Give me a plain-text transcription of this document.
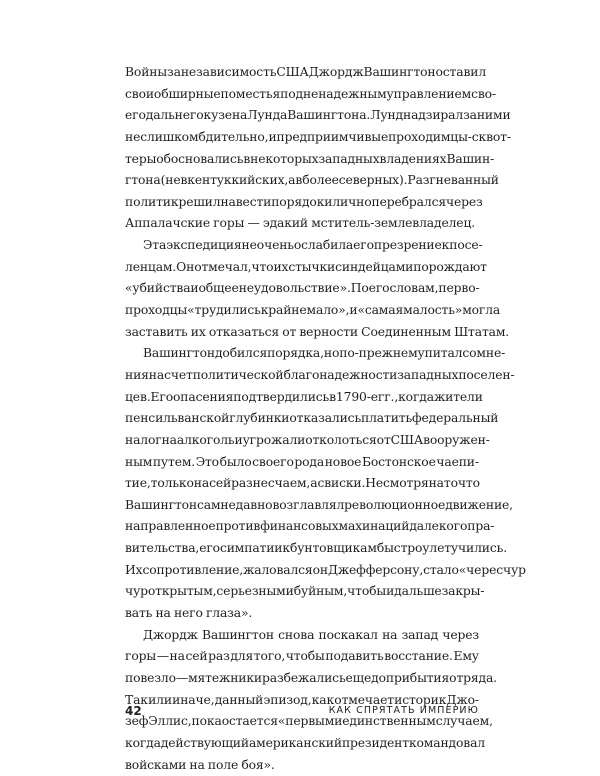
Войны за независимость США Джордж Вашингтон оставил
свои обширные поместья под ненадежным управлением сво-
его дальнего кузена Лунда Вашингтона. Лунд надзирал за ними
не слишком бдительно, и предприимчивые проходимцы-сквот-
теры обосновались в некоторых западных владениях Вашин-
гтона (не в кентуккийских, а в более северных). Разгневанный
политик решил навести порядок и лично перебрался через
Аппалачские горы — эдакий мститель-землевладелец.
Эта экспедиция не очень ослабила его презрение к посе-
ленцам. Он отмечал, что их стычки с индейцами порождают
«убийства и общее неудовольствие». По его словам, перво-
проходцы «трудились крайне мало», и «самая малость» могла
заставить их отказаться от верности Соединенным Штатам.
Вашингтон добился порядка, но по-прежнему питал сомне-
ния насчет политической благонадежности западных поселен-
цев. Его опасения подтвердились в 1790-е гг., когда жители
пенсильванской глубинки отказались платить федеральный
налог на алкоголь и угрожали отколоться от США вооружен-
ным путем. Это было своего рода новое Бостонское чаепи-
тие, только на сей раз не с чаем, а с виски. Несмотря на то что
Вашингтон сам недавно возглавлял революционное движение,
направленное против финансовых махинаций далекого пра-
вительства, его симпатии к бунтовщикам быстро улетучились.
Их сопротивление, жаловался он Джефферсону, стало «чересчур
чур открытым, серьезным и буйным, чтобы и дальше закры-
вать на него глаза».
Джордж Вашингтон снова поскакал на запад через
горы — на сей раз для того, чтобы подавить восстание. Ему
повезло — мятежники разбежались еще до прибытия отряда.
Так или иначе, данный эпизод, как отмечает историк Джо-
зеф Эллис, пока остается «первым и единственным случаем,
когда действующий американский президент командовал
войсками на поле боя».
42	КАК СПРЯТАТЬ ИМПЕРИЮ
